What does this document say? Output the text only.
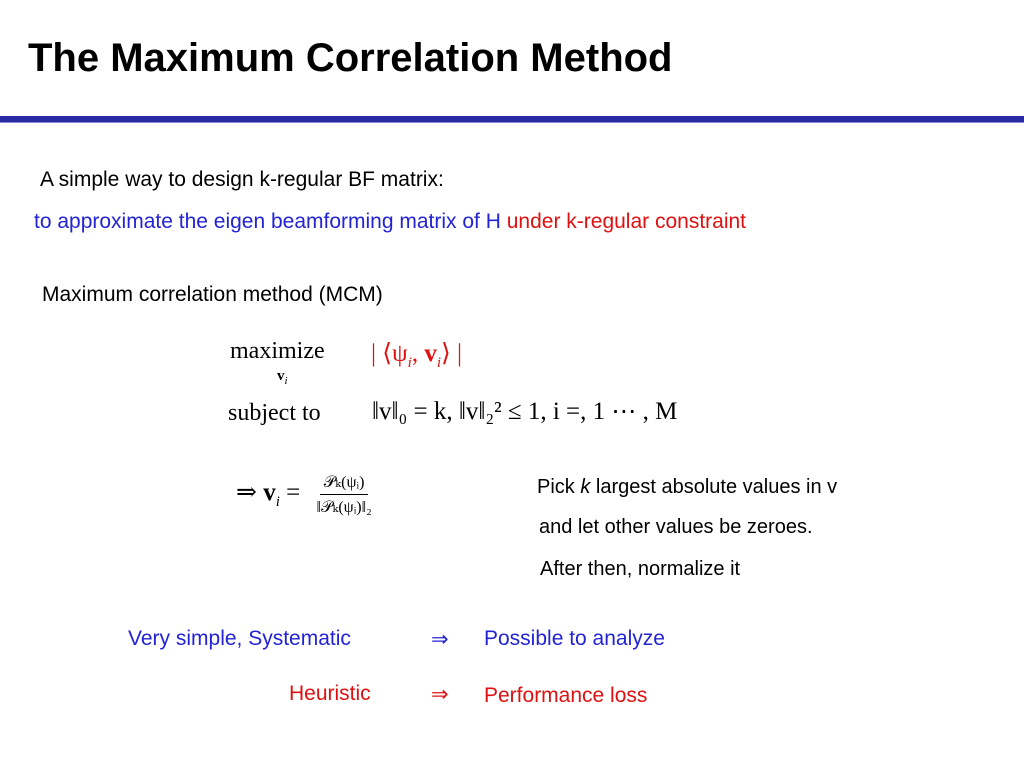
The Maximum Correlation Method
A simple way to design k-regular BF matrix:
to approximate the eigen beamforming matrix of H under k-regular constraint
Maximum correlation method (MCM)
maximize
$v_i$
| $⟨\psi_i$, $v_i⟩$ |
subject to ‖v‖₀ = k, ‖v‖₂² ≤ 1, i =, 1 ⋯ , M
⇒ $v_i = \frac{\text{𝒫ₖ(ψᵢ)}}{\text{‖𝒫ₖ(ψᵢ)‖₂}}$	Pick k largest absolute values in v
and let other values be zeroes.
After then, normalize it
Very simple, Systematic	⇒ Possible to analyze
Heuristic	⇒ Performance loss
